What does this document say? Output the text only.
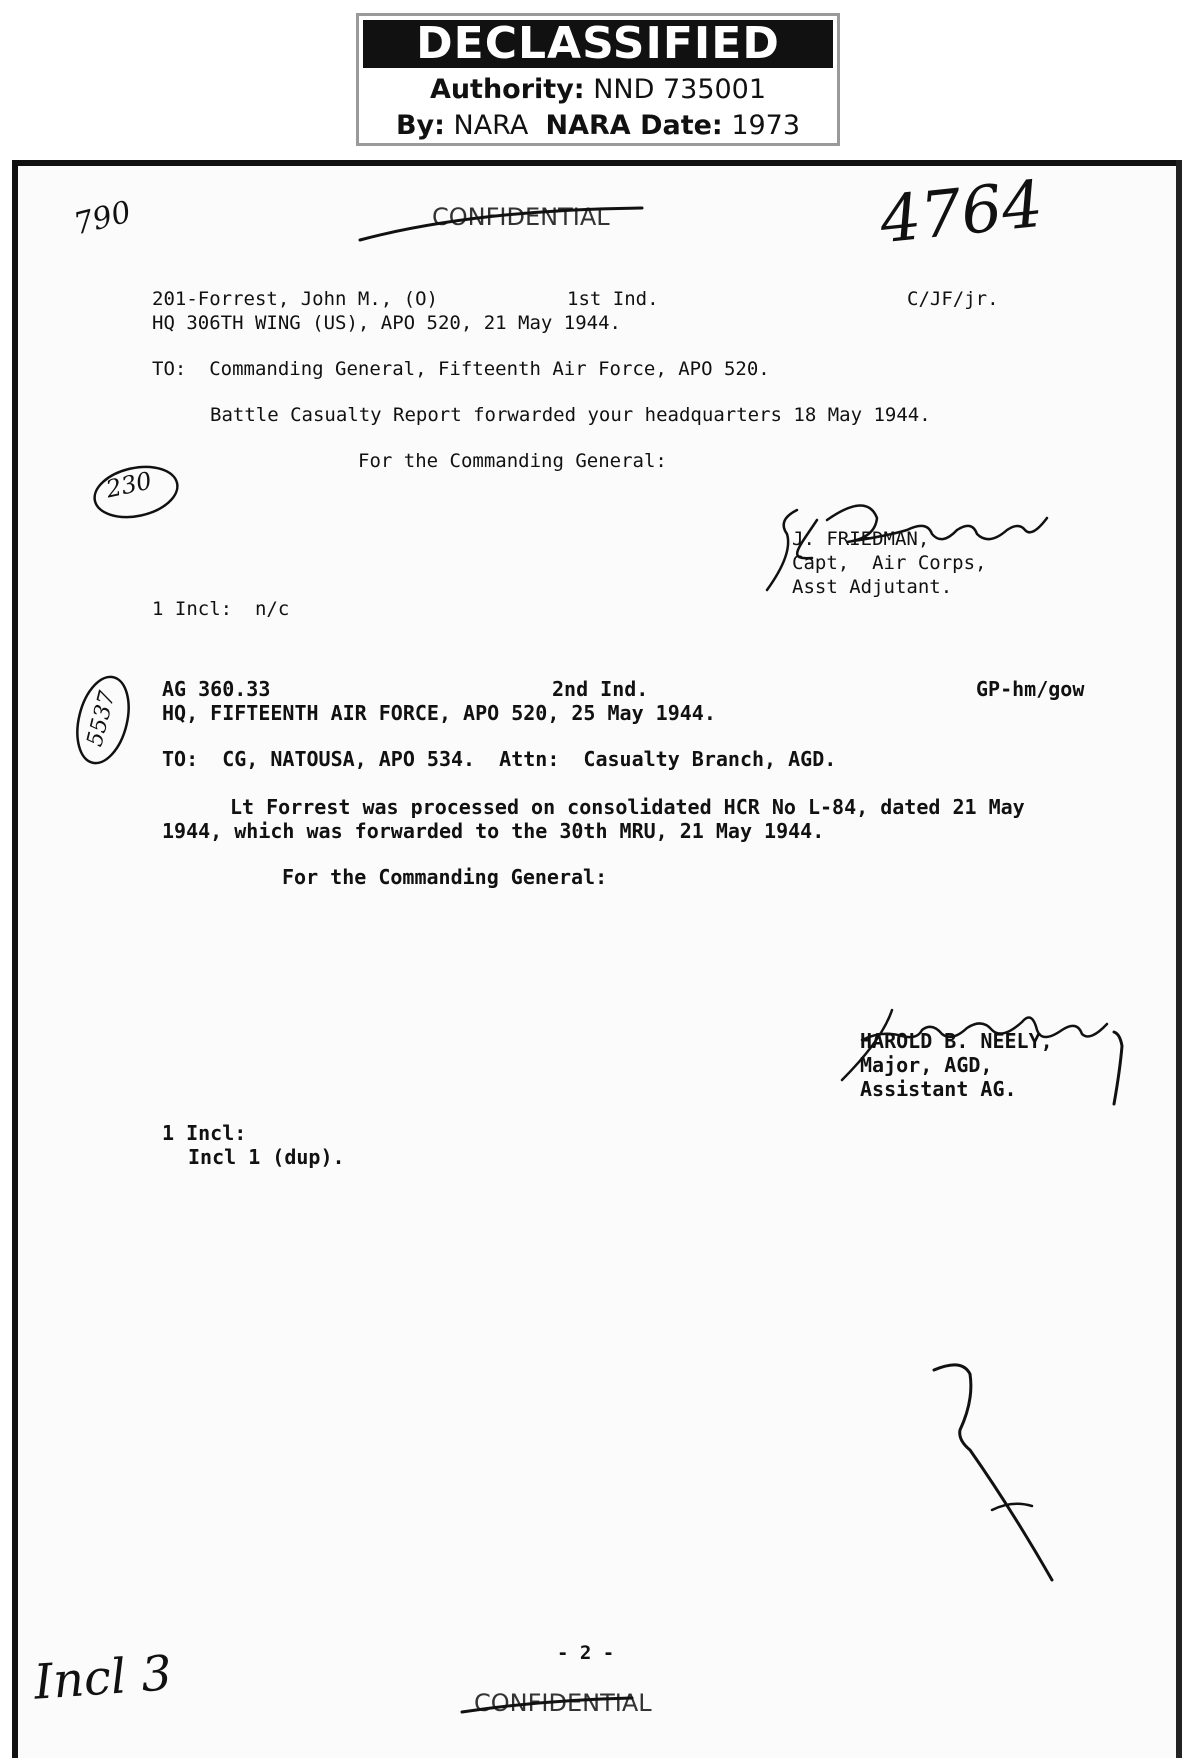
DECLASSIFIED
Authority: NND 735001
By: NARA NARA Date: 1973
CONFIDENTIAL
790	4764
201-Forrest, John M., (O)	1st Ind.	C/JF/jr.
HQ 306TH WING (US), APO 520, 21 May 1944.
TO:  Commanding General, Fifteenth Air Force, APO 520.
Battle Casualty Report forwarded your headquarters 18 May 1944.
For the Commanding General:
230
J. FRIEDMAN,
Capt,  Air Corps,
Asst Adjutant.
1 Incl:  n/c
AG 360.33	2nd Ind.	GP-hm/gow
HQ, FIFTEENTH AIR FORCE, APO 520, 25 May 1944.
5537
TO:  CG, NATOUSA, APO 534.  Attn:  Casualty Branch, AGD.
Lt Forrest was processed on consolidated HCR No L-84, dated 21 May
1944, which was forwarded to the 30th MRU, 21 May 1944.
For the Commanding General:
HAROLD B. NEELY,
Major, AGD,
Assistant AG.
1 Incl:
Incl 1 (dup).
- 2 -
CONFIDENTIAL
Incl 3
